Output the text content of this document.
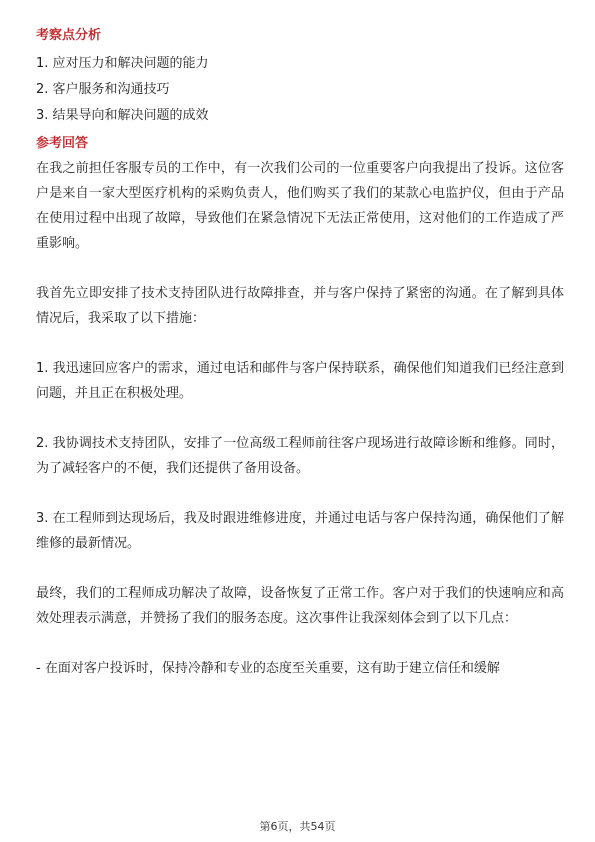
考察点分析
1. 应对压力和解决问题的能力
2. 客户服务和沟通技巧
3. 结果导向和解决问题的成效
参考回答

在我之前担任客服专员的工作中，有一次我们公司的一位重要客户向我提出了投诉。这位客户是来自一家大型医疗机构的采购负责人，他们购买了我们的某款心电监护仪，但由于产品在使用过程中出现了故障，导致他们在紧急情况下无法正常使用，这对他们的工作造成了严重影响。

我首先立即安排了技术支持团队进行故障排查，并与客户保持了紧密的沟通。在了解到具体情况后，我采取了以下措施：

1. 我迅速回应客户的需求，通过电话和邮件与客户保持联系，确保他们知道我们已经注意到问题，并且正在积极处理。

2. 我协调技术支持团队，安排了一位高级工程师前往客户现场进行故障诊断和维修。同时，为了减轻客户的不便，我们还提供了备用设备。

3. 在工程师到达现场后，我及时跟进维修进度，并通过电话与客户保持沟通，确保他们了解维修的最新情况。

最终，我们的工程师成功解决了故障，设备恢复了正常工作。客户对于我们的快速响应和高效处理表示满意，并赞扬了我们的服务态度。这次事件让我深刻体会到了以下几点：

- 在面对客户投诉时，保持冷静和专业的态度至关重要，这有助于建立信任和缓解

第6页，共54页
